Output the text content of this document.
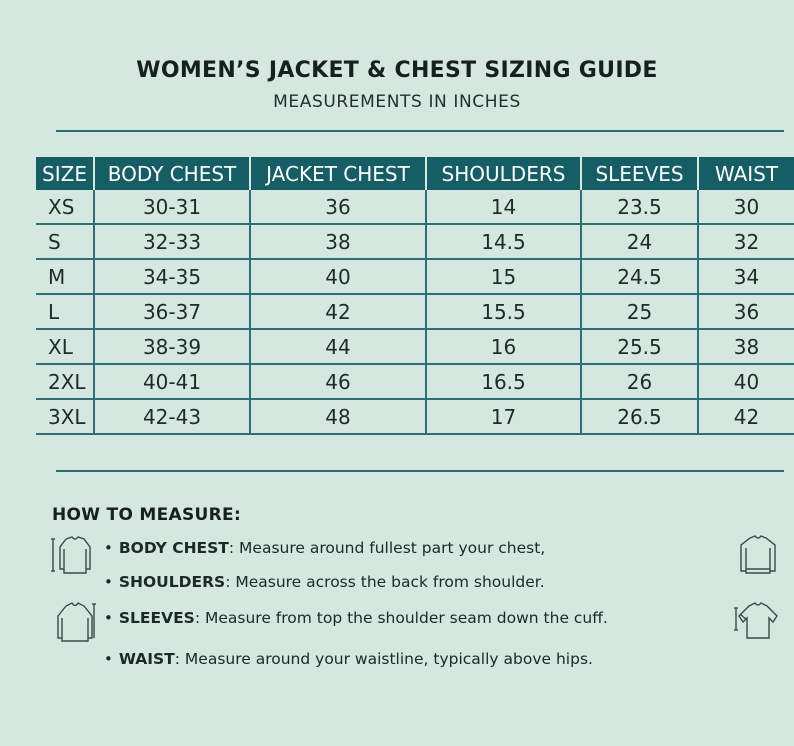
WOMEN’S JACKET & CHEST SIZING GUIDE
MEASUREMENTS IN INCHES
SIZE	BODY CHEST	JACKET CHEST	SHOULDERS	SLEEVES	WAIST
XS	30-31	36	14	23.5	30
S	32-33	38	14.5	24	32
M	34-35	40	15	24.5	34
L	36-37	42	15.5	25	36
XL	38-39	44	16	25.5	38
2XL	40-41	46	16.5	26	40
3XL	42-43	48	17	26.5	42
HOW TO MEASURE:
• BODY CHEST: Measure around fullest part your chest,
• SHOULDERS: Measure across the back from shoulder.
• SLEEVES: Measure from top the shoulder seam down the cuff.
• WAIST: Measure around your waistline, typically above hips.
